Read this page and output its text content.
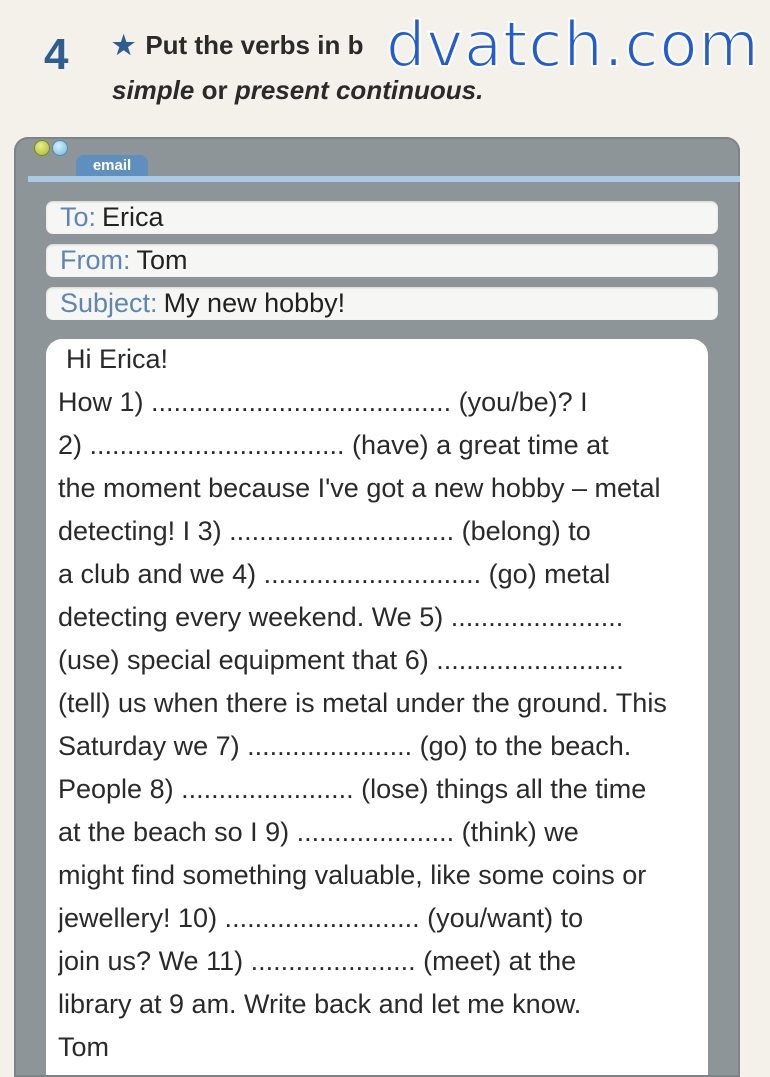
4 ★ Put the verbs in b
simple or present continuous.
dvatch.com
email
To: Erica
From: Tom
Subject: My new hobby!
Hi Erica!
How 1) ........................................ (you/be)? I
2) .................................. (have) a great time at
the moment because I've got a new hobby – metal
detecting! I 3) .............................. (belong) to
a club and we 4) ............................. (go) metal
detecting every weekend. We 5) .......................
(use) special equipment that 6) .........................
(tell) us when there is metal under the ground. This
Saturday we 7) ...................... (go) to the beach.
People 8) ....................... (lose) things all the time
at the beach so I 9) ..................... (think) we
might find something valuable, like some coins or
jewellery! 10) .......................... (you/want) to
join us? We 11) ...................... (meet) at the
library at 9 am. Write back and let me know.
Tom
